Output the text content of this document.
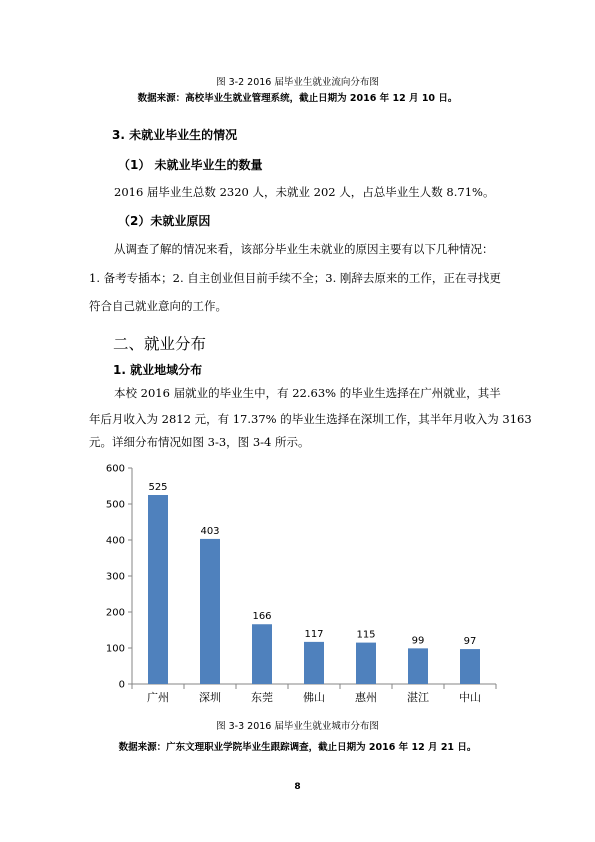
图 3-2 2016 届毕业生就业流向分布图
数据来源：高校毕业生就业管理系统，截止日期为 2016 年 12 月 10 日。
3. 未就业毕业生的情况
（1） 未就业毕业生的数量
2016 届毕业生总数 2320 人，未就业 202 人，占总毕业生人数 8.71%。
（2）未就业原因
从调查了解的情况来看，该部分毕业生未就业的原因主要有以下几种情况：
1. 备考专插本；2. 自主创业但目前手续不全；3. 刚辞去原来的工作，正在寻找更
符合自己就业意向的工作。
二、就业分布
1. 就业地域分布
本校 2016 届就业的毕业生中，有 22.63% 的毕业生选择在广州就业，其半
年后月收入为 2812 元，有 17.37% 的毕业生选择在深圳工作，其半年月收入为 3163
元。详细分布情况如图 3-3，图 3-4 所示。
0
100
200
300
400
500
600
525
广州
403
深圳
166
东莞
117
佛山
115
惠州
99
湛江
97
中山
图 3-3 2016 届毕业生就业城市分布图
数据来源：广东文理职业学院毕业生跟踪调查，截止日期为 2016 年 12 月 21 日。
8
